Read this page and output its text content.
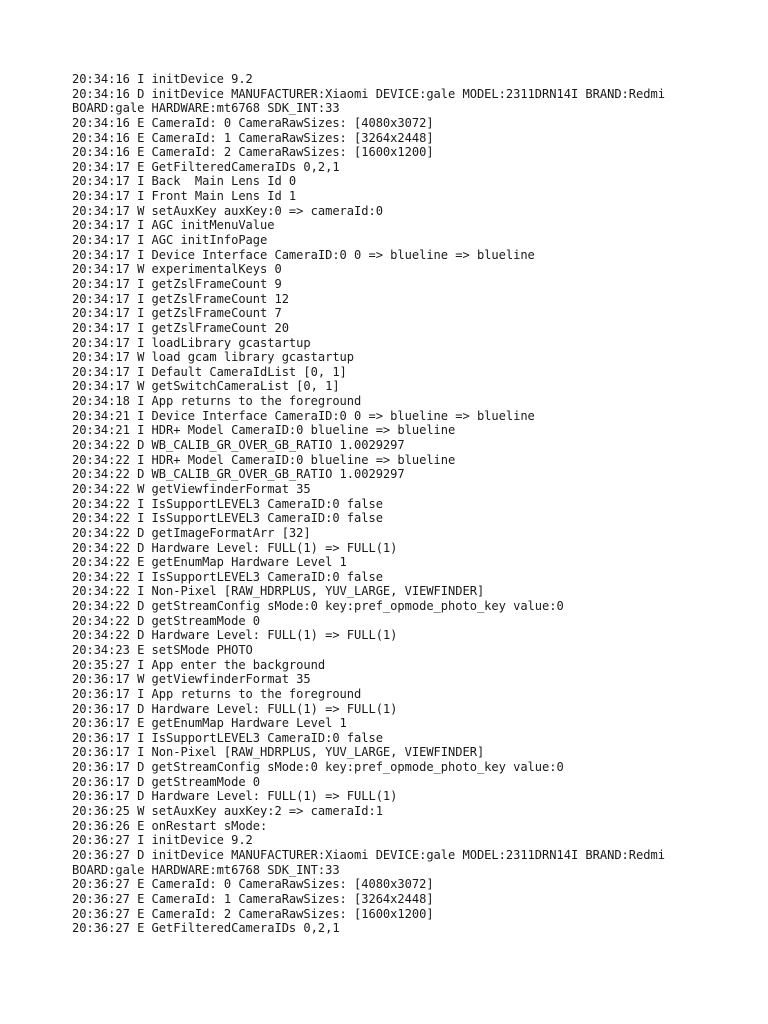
20:34:16 I initDevice 9.2
20:34:16 D initDevice MANUFACTURER:Xiaomi DEVICE:gale MODEL:2311DRN14I BRAND:Redmi
BOARD:gale HARDWARE:mt6768 SDK_INT:33
20:34:16 E CameraId: 0 CameraRawSizes: [4080x3072]
20:34:16 E CameraId: 1 CameraRawSizes: [3264x2448]
20:34:16 E CameraId: 2 CameraRawSizes: [1600x1200]
20:34:17 E GetFilteredCameraIDs 0,2,1
20:34:17 I Back  Main Lens Id 0
20:34:17 I Front Main Lens Id 1
20:34:17 W setAuxKey auxKey:0 => cameraId:0
20:34:17 I AGC initMenuValue
20:34:17 I AGC initInfoPage
20:34:17 I Device Interface CameraID:0 0 => blueline => blueline
20:34:17 W experimentalKeys 0
20:34:17 I getZslFrameCount 9
20:34:17 I getZslFrameCount 12
20:34:17 I getZslFrameCount 7
20:34:17 I getZslFrameCount 20
20:34:17 I loadLibrary gcastartup
20:34:17 W load gcam library gcastartup
20:34:17 I Default CameraIdList [0, 1]
20:34:17 W getSwitchCameraList [0, 1]
20:34:18 I App returns to the foreground
20:34:21 I Device Interface CameraID:0 0 => blueline => blueline
20:34:21 I HDR+ Model CameraID:0 blueline => blueline
20:34:22 D WB_CALIB_GR_OVER_GB_RATIO 1.0029297
20:34:22 I HDR+ Model CameraID:0 blueline => blueline
20:34:22 D WB_CALIB_GR_OVER_GB_RATIO 1.0029297
20:34:22 W getViewfinderFormat 35
20:34:22 I IsSupportLEVEL3 CameraID:0 false
20:34:22 I IsSupportLEVEL3 CameraID:0 false
20:34:22 D getImageFormatArr [32]
20:34:22 D Hardware Level: FULL(1) => FULL(1)
20:34:22 E getEnumMap Hardware Level 1
20:34:22 I IsSupportLEVEL3 CameraID:0 false
20:34:22 I Non-Pixel [RAW_HDRPLUS, YUV_LARGE, VIEWFINDER]
20:34:22 D getStreamConfig sMode:0 key:pref_opmode_photo_key value:0
20:34:22 D getStreamMode 0
20:34:22 D Hardware Level: FULL(1) => FULL(1)
20:34:23 E setSMode PHOTO
20:35:27 I App enter the background
20:36:17 W getViewfinderFormat 35
20:36:17 I App returns to the foreground
20:36:17 D Hardware Level: FULL(1) => FULL(1)
20:36:17 E getEnumMap Hardware Level 1
20:36:17 I IsSupportLEVEL3 CameraID:0 false
20:36:17 I Non-Pixel [RAW_HDRPLUS, YUV_LARGE, VIEWFINDER]
20:36:17 D getStreamConfig sMode:0 key:pref_opmode_photo_key value:0
20:36:17 D getStreamMode 0
20:36:17 D Hardware Level: FULL(1) => FULL(1)
20:36:25 W setAuxKey auxKey:2 => cameraId:1
20:36:26 E onRestart sMode:
20:36:27 I initDevice 9.2
20:36:27 D initDevice MANUFACTURER:Xiaomi DEVICE:gale MODEL:2311DRN14I BRAND:Redmi
BOARD:gale HARDWARE:mt6768 SDK_INT:33
20:36:27 E CameraId: 0 CameraRawSizes: [4080x3072]
20:36:27 E CameraId: 1 CameraRawSizes: [3264x2448]
20:36:27 E CameraId: 2 CameraRawSizes: [1600x1200]
20:36:27 E GetFilteredCameraIDs 0,2,1
